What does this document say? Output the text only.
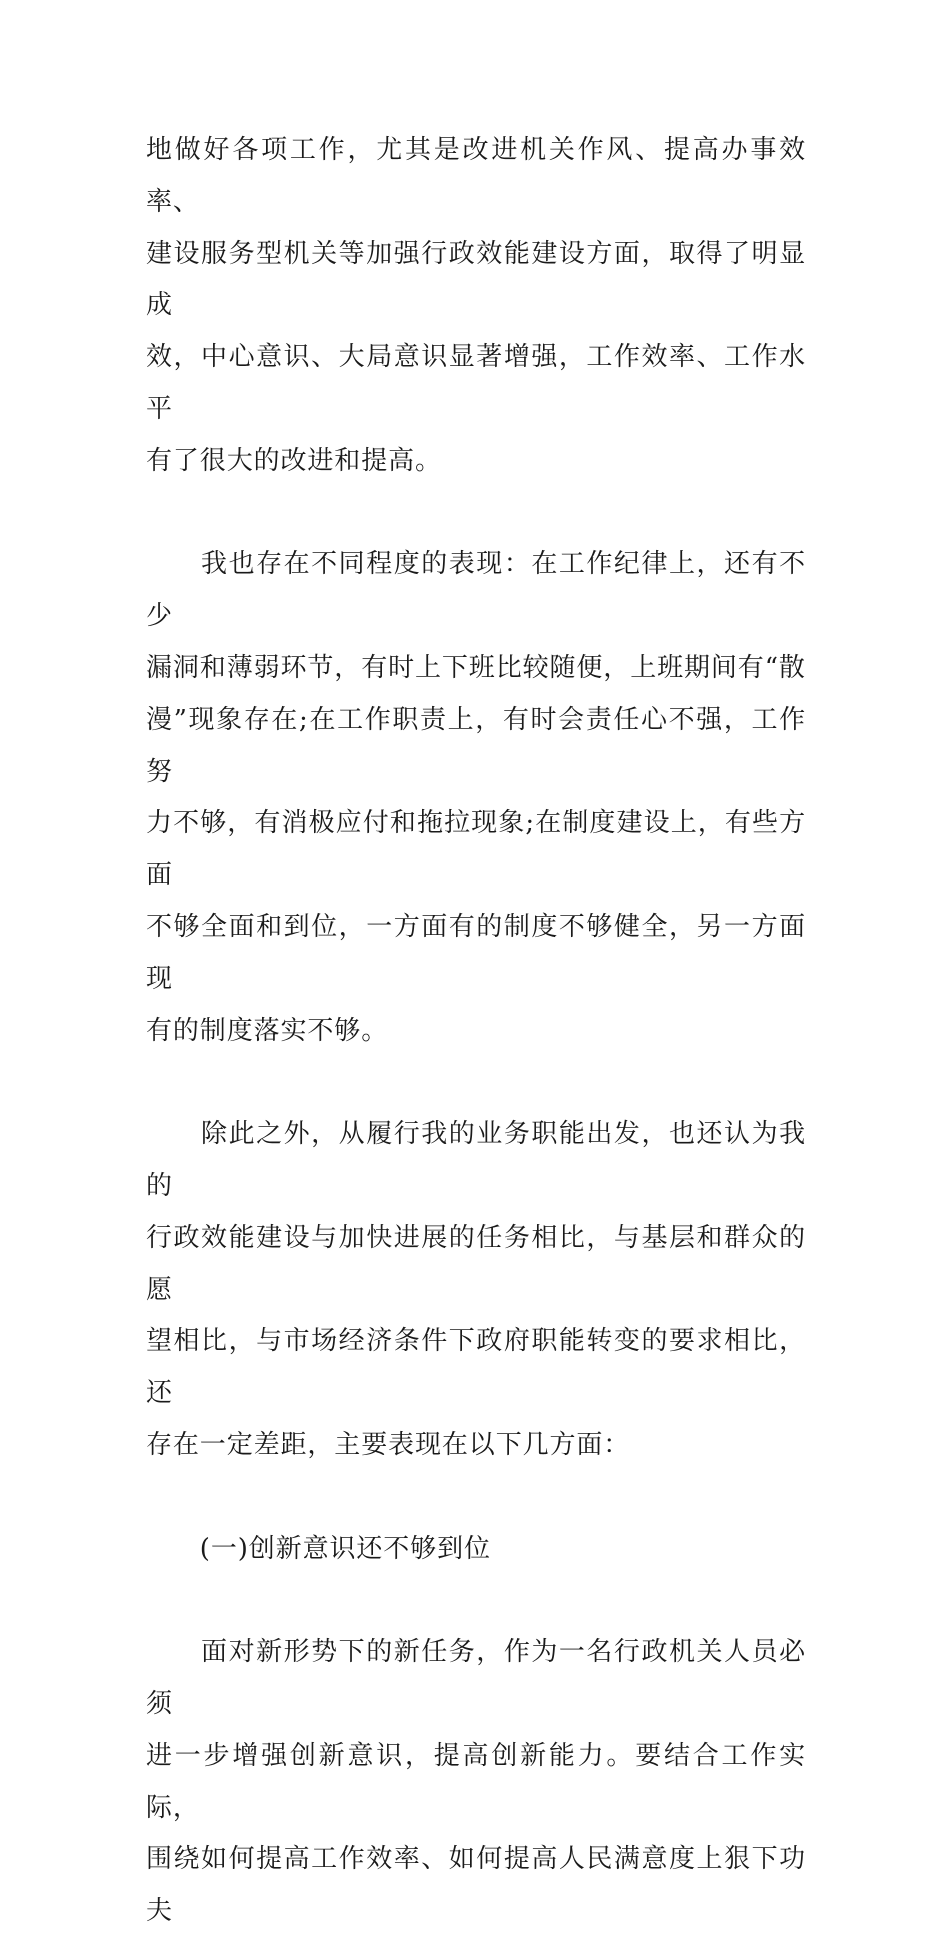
地做好各项工作，尤其是改进机关作风、提高办事效率、
建设服务型机关等加强行政效能建设方面，取得了明显成
效，中心意识、大局意识显著增强，工作效率、工作水平
有了很大的改进和提高。

　　我也存在不同程度的表现：在工作纪律上，还有不少
漏洞和薄弱环节，有时上下班比较随便，上班期间有“散
漫”现象存在;在工作职责上，有时会责任心不强，工作努
力不够，有消极应付和拖拉现象;在制度建设上，有些方面
不够全面和到位，一方面有的制度不够健全，另一方面现
有的制度落实不够。

　　除此之外，从履行我的业务职能出发，也还认为我的
行政效能建设与加快进展的任务相比，与基层和群众的愿
望相比，与市场经济条件下政府职能转变的要求相比，还
存在一定差距，主要表现在以下几方面：

　　(一)创新意识还不够到位

　　面对新形势下的新任务，作为一名行政机关人员必须
进一步增强创新意识，提高创新能力。要结合工作实际，
围绕如何提高工作效率、如何提高人民满意度上狠下功夫
